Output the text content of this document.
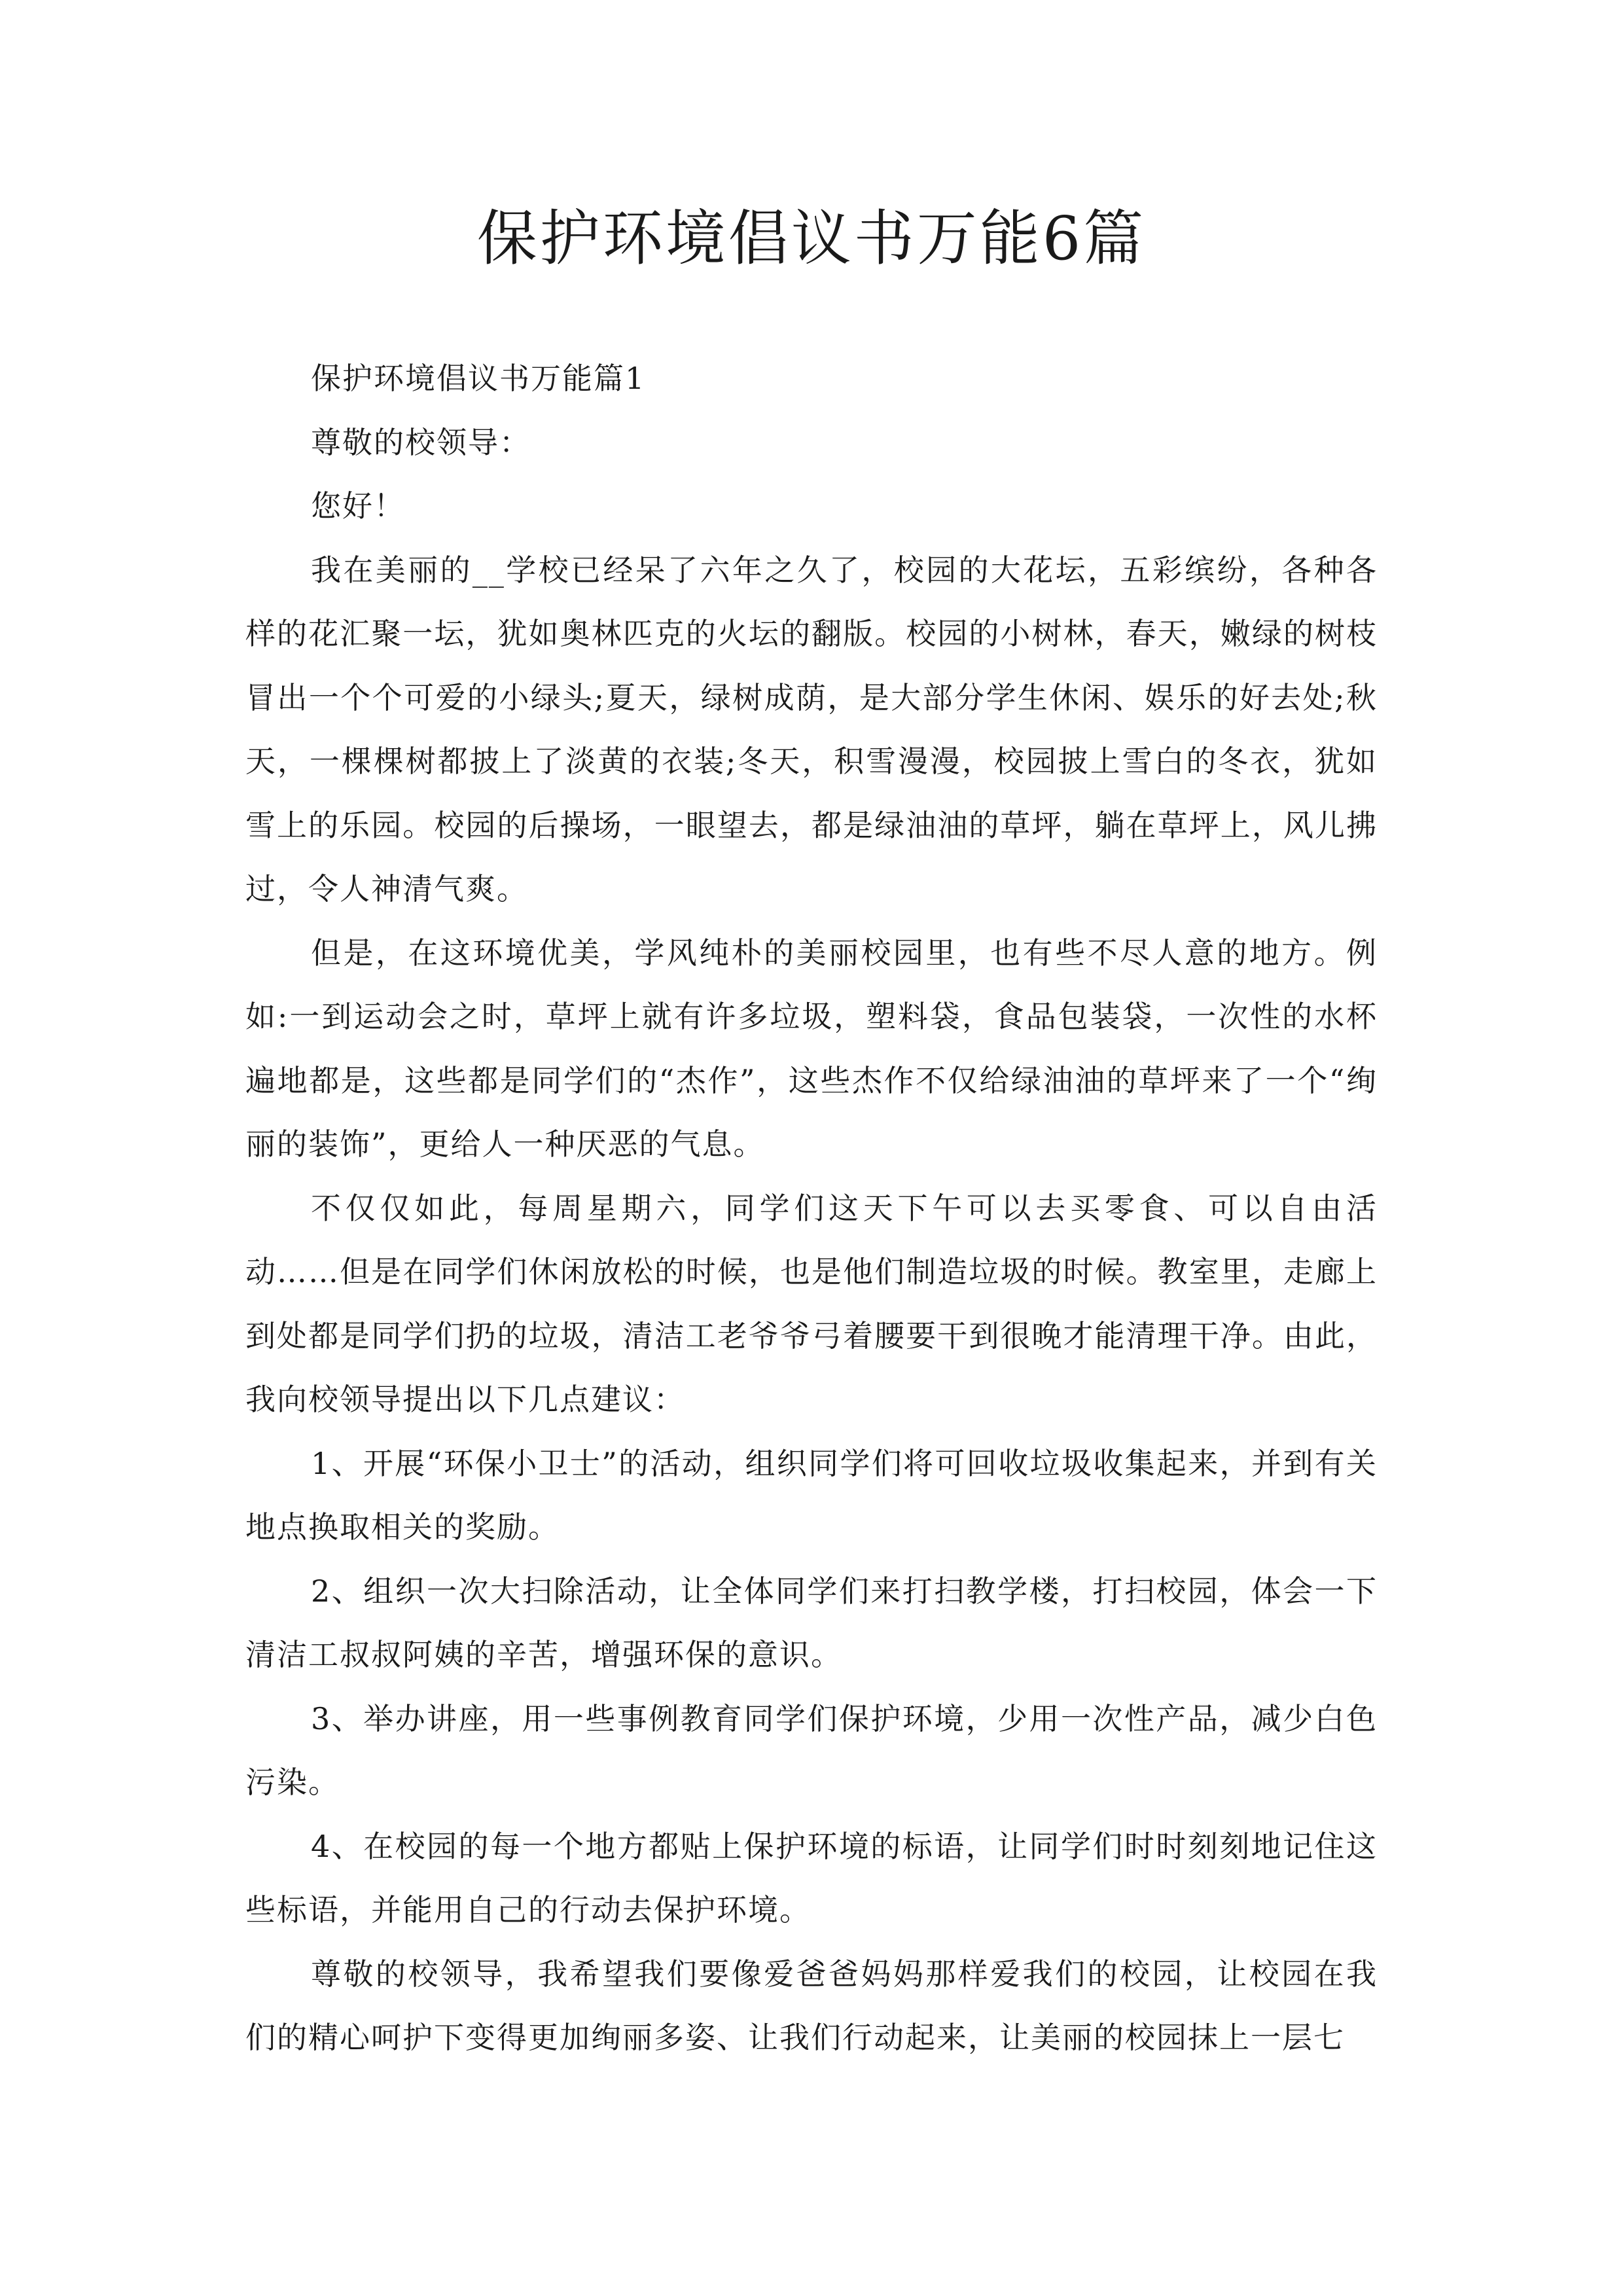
保护环境倡议书万能6篇

保护环境倡议书万能篇1

尊敬的校领导：

您好！

我在美丽的__学校已经呆了六年之久了，校园的大花坛，五彩缤纷，各种各样的花汇聚一坛，犹如奥林匹克的火坛的翻版。校园的小树林，春天，嫩绿的树枝冒出一个个可爱的小绿头;夏天，绿树成荫，是大部分学生休闲、娱乐的好去处;秋天，一棵棵树都披上了淡黄的衣装;冬天，积雪漫漫，校园披上雪白的冬衣，犹如雪上的乐园。校园的后操场，一眼望去，都是绿油油的草坪，躺在草坪上，风儿拂过，令人神清气爽。

但是，在这环境优美，学风纯朴的美丽校园里，也有些不尽人意的地方。例如:一到运动会之时，草坪上就有许多垃圾，塑料袋，食品包装袋，一次性的水杯遍地都是，这些都是同学们的“杰作”，这些杰作不仅给绿油油的草坪来了一个“绚丽的装饰”，更给人一种厌恶的气息。

不仅仅如此，每周星期六，同学们这天下午可以去买零食、可以自由活动……但是在同学们休闲放松的时候，也是他们制造垃圾的时候。教室里，走廊上到处都是同学们扔的垃圾，清洁工老爷爷弓着腰要干到很晚才能清理干净。由此，我向校领导提出以下几点建议：

1、开展“环保小卫士”的活动，组织同学们将可回收垃圾收集起来，并到有关地点换取相关的奖励。

2、组织一次大扫除活动，让全体同学们来打扫教学楼，打扫校园，体会一下清洁工叔叔阿姨的辛苦，增强环保的意识。

3、举办讲座，用一些事例教育同学们保护环境，少用一次性产品，减少白色污染。

4、在校园的每一个地方都贴上保护环境的标语，让同学们时时刻刻地记住这些标语，并能用自己的行动去保护环境。

尊敬的校领导，我希望我们要像爱爸爸妈妈那样爱我们的校园，让校园在我们的精心呵护下变得更加绚丽多姿、让我们行动起来，让美丽的校园抹上一层七
